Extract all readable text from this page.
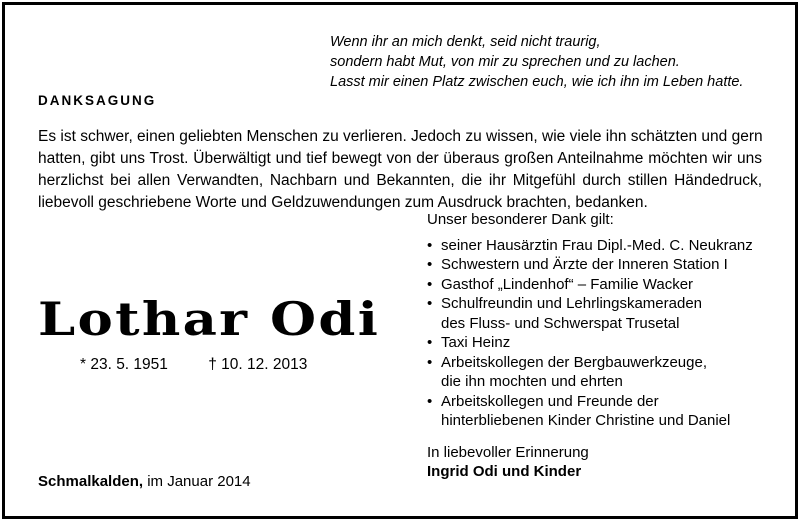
Wenn ihr an mich denkt, seid nicht traurig,
sondern habt Mut, von mir zu sprechen und zu lachen.
Lasst mir einen Platz zwischen euch, wie ich ihn im Leben hatte.
DANKSAGUNG
Es ist schwer, einen geliebten Menschen zu verlieren. Jedoch zu wissen, wie viele ihn schätzten und gern
hatten, gibt uns Trost. Überwältigt und tief bewegt von der überaus großen Anteilnahme möchten wir uns
herzlichst bei allen Verwandten, Nachbarn und Bekannten, die ihr Mitgefühl durch stillen Händedruck,
liebevoll geschriebene Worte und Geldzuwendungen zum Ausdruck brachten, bedanken.
Lothar Odi
* 23. 5. 1951	† 10. 12. 2013
Unser besonderer Dank gilt:
• seiner Hausärztin Frau Dipl.-Med. C. Neukranz
• Schwestern und Ärzte der Inneren Station I
• Gasthof „Lindenhof“ – Familie Wacker
• Schulfreundin und Lehrlingskameraden
des Fluss- und Schwerspat Trusetal
• Taxi Heinz
• Arbeitskollegen der Bergbauwerkzeuge,
die ihn mochten und ehrten
• Arbeitskollegen und Freunde der
hinterbliebenen Kinder Christine und Daniel
In liebevoller Erinnerung
Ingrid Odi und Kinder
Schmalkalden, im Januar 2014
